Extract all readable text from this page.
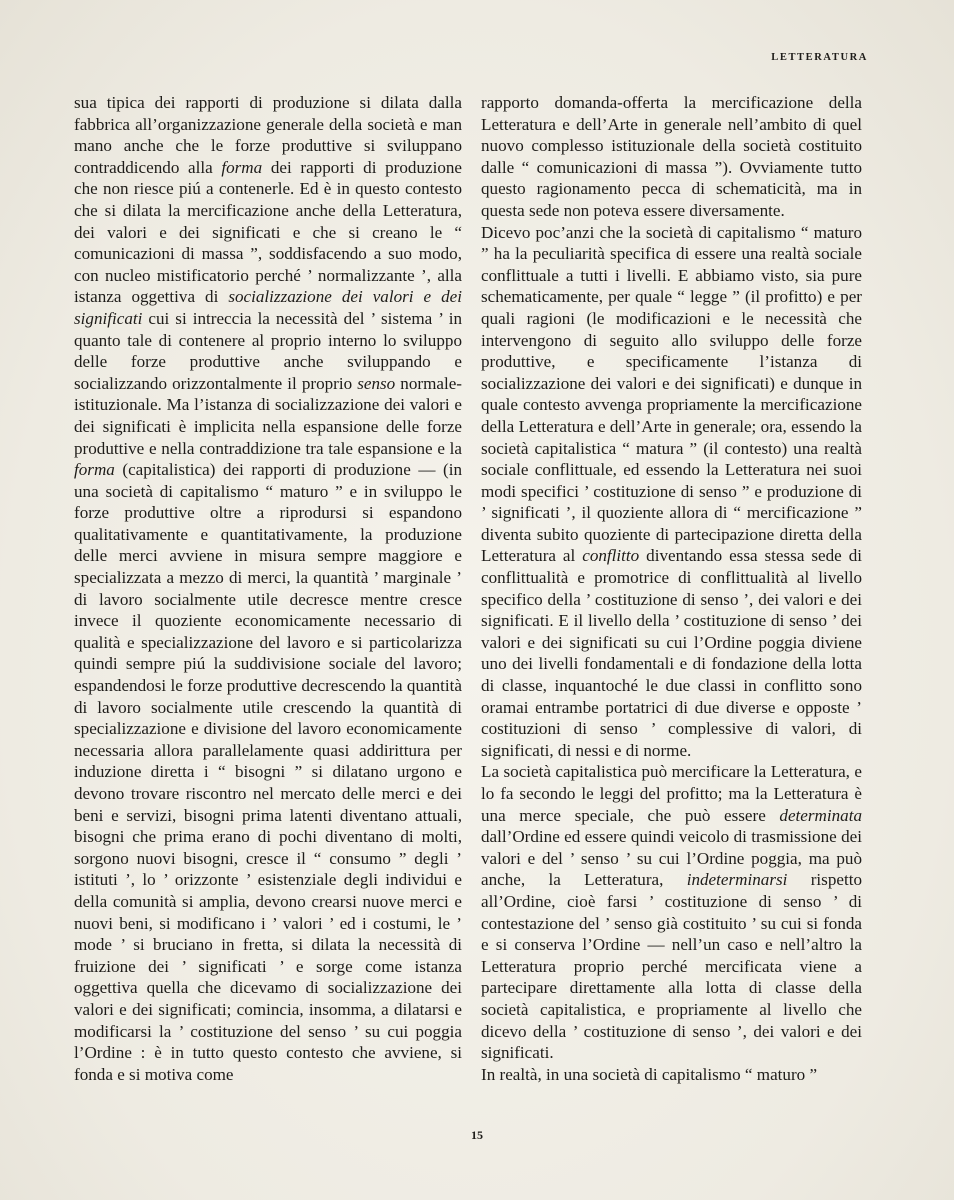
LETTERATURA

sua tipica dei rapporti di produzione si dilata dalla fabbrica all’organizzazione generale della società e man mano anche che le forze produttive si sviluppano contraddicendo alla forma dei rapporti di produzione che non riesce piú a contenerle. Ed è in questo contesto che si dilata la mercificazione anche della Letteratura, dei valori e dei significati e che si creano le “ comunicazioni di massa ”, soddisfacendo a suo modo, con nucleo mistificatorio perché ’ normalizzante ’, alla istanza oggettiva di socializzazione dei valori e dei significati cui si intreccia la necessità del ’ sistema ’ in quanto tale di contenere al proprio interno lo sviluppo delle forze produttive anche sviluppando e socializzando orizzontalmente il proprio senso normale-istituzionale. Ma l’istanza di socializzazione dei valori e dei significati è implicita nella espansione delle forze produttive e nella contraddizione tra tale espansione e la forma (capitalistica) dei rapporti di produzione — (in una società di capitalismo “ maturo ” e in sviluppo le forze produttive oltre a riprodursi si espandono qualitativamente e quantitativamente, la produzione delle merci avviene in misura sempre maggiore e specializzata a mezzo di merci, la quantità ’ marginale ’ di lavoro socialmente utile decresce mentre cresce invece il quoziente economicamente necessario di qualità e specializzazione del lavoro e si particolarizza quindi sempre piú la suddivisione sociale del lavoro; espandendosi le forze produttive decrescendo la quantità di lavoro socialmente utile crescendo la quantità di specializzazione e divisione del lavoro economicamente necessaria allora parallelamente quasi addirittura per induzione diretta i “ bisogni ” si dilatano urgono e devono trovare riscontro nel mercato delle merci e dei beni e servizi, bisogni prima latenti diventano attuali, bisogni che prima erano di pochi diventano di molti, sorgono nuovi bisogni, cresce il “ consumo ” degli ’ istituti ’, lo ’ orizzonte ’ esistenziale degli individui e della comunità si amplia, devono crearsi nuove merci e nuovi beni, si modificano i ’ valori ’ ed i costumi, le ’ mode ’ si bruciano in fretta, si dilata la necessità di fruizione dei ’ significati ’ e sorge come istanza oggettiva quella che dicevamo di socializzazione dei valori e dei significati; comincia, insomma, a dilatarsi e modificarsi la ’ costituzione del senso ’ su cui poggia l’Ordine : è in tutto questo contesto che avviene, si fonda e si motiva come

rapporto domanda-offerta la mercificazione della Letteratura e dell’Arte in generale nell’ambito di quel nuovo complesso istituzionale della società costituito dalle “ comunicazioni di massa ”). Ovviamente tutto questo ragionamento pecca di schematicità, ma in questa sede non poteva essere diversamente.

Dicevo poc’anzi che la società di capitalismo “ maturo ” ha la peculiarità specifica di essere una realtà sociale conflittuale a tutti i livelli. E abbiamo visto, sia pure schematicamente, per quale “ legge ” (il profitto) e per quali ragioni (le modificazioni e le necessità che intervengono di seguito allo sviluppo delle forze produttive, e specificamente l’istanza di socializzazione dei valori e dei significati) e dunque in quale contesto avvenga propriamente la mercificazione della Letteratura e dell’Arte in generale; ora, essendo la società capitalistica “ matura ” (il contesto) una realtà sociale conflittuale, ed essendo la Letteratura nei suoi modi specifici ’ costituzione di senso ” e produzione di ’ significati ’, il quoziente allora di “ mercificazione ” diventa subito quoziente di partecipazione diretta della Letteratura al conflitto diventando essa stessa sede di conflittualità e promotrice di conflittualità al livello specifico della ’ costituzione di senso ’, dei valori e dei significati. E il livello della ’ costituzione di senso ’ dei valori e dei significati su cui l’Ordine poggia diviene uno dei livelli fondamentali e di fondazione della lotta di classe, inquantoché le due classi in conflitto sono oramai entrambe portatrici di due diverse e opposte ’ costituzioni di senso ’ complessive di valori, di significati, di nessi e di norme.

La società capitalistica può mercificare la Letteratura, e lo fa secondo le leggi del profitto; ma la Letteratura è una merce speciale, che può essere determinata dall’Ordine ed essere quindi veicolo di trasmissione dei valori e del ’ senso ’ su cui l’Ordine poggia, ma può anche, la Letteratura, indeterminarsi rispetto all’Ordine, cioè farsi ’ costituzione di senso ’ di contestazione del ’ senso già costituito ’ su cui si fonda e si conserva l’Ordine — nell’un caso e nell’altro la Letteratura proprio perché mercificata viene a partecipare direttamente alla lotta di classe della società capitalistica, e propriamente al livello che dicevo della ’ costituzione di senso ’, dei valori e dei significati.

In realtà, in una società di capitalismo “ maturo ”

15
